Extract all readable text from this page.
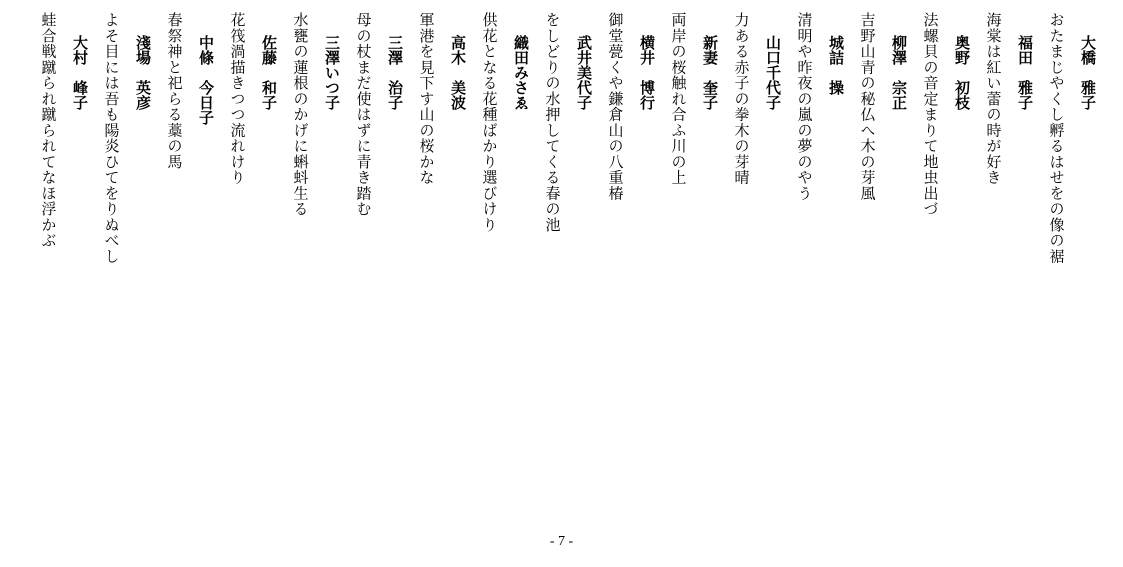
大橋　雅子
おたまじやくし孵るはせをの像の裾
福田　雅子
海棠は紅い蕾の時が好き
奥野　初枝
法螺貝の音定まりて地虫出づ
柳澤　宗正
吉野山青の秘仏へ木の芽風
城詰　操
清明や昨夜の嵐の夢のやう
山口千代子
力ある赤子の拳木の芽晴
新妻　奎子
両岸の桜触れ合ふ川の上
横井　博行
御堂甍くや鎌倉山の八重椿
武井美代子
をしどりの水押してくる春の池
織田みさゑ
供花となる花種ばかり選びけり
高木　美波
軍港を見下す山の桜かな
三澤　治子
母の杖まだ使はずに青き踏む
三澤いつ子
水甕の蓮根のかげに蝌蚪生る
佐藤　和子
花筏渦描きつつ流れけり
中條　今日子
春祭神と祀らる藁の馬
淺場　英彦
よそ目には吾も陽炎ひてをりぬべし
大村　峰子
蛙合戦蹴られ蹴られてなほ浮かぶ
- 7 -
